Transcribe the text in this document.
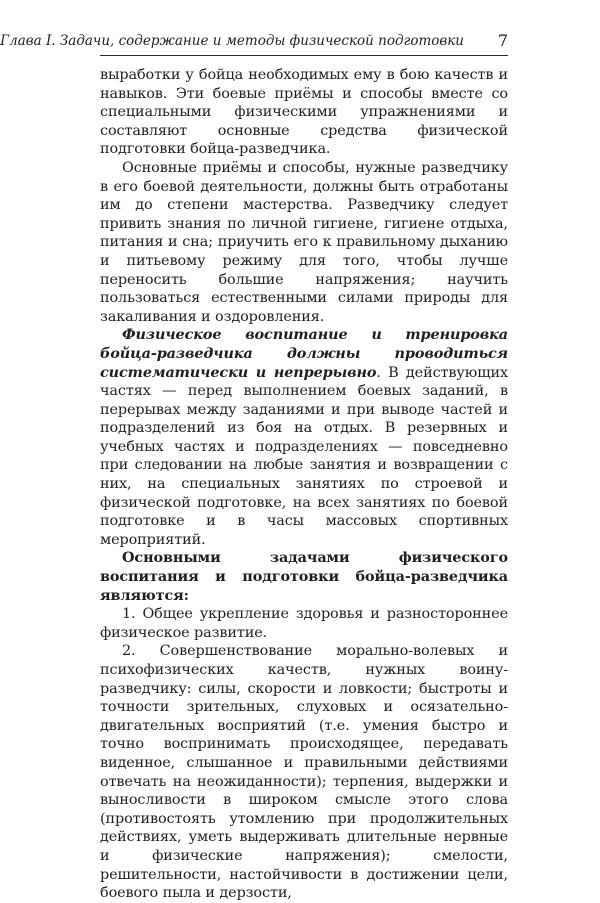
Глава I. Задачи, содержание и методы физической подготовки 7

выработки у бойца необходимых ему в бою качеств и навыков. Эти боевые приёмы и способы вместе со специальными физическими упражнениями и составляют основные средства физической подготовки бойца-разведчика.

Основные приёмы и способы, нужные разведчику в его боевой деятельности, должны быть отработаны им до степени мастерства. Разведчику следует привить знания по личной гигиене, гигиене отдыха, питания и сна; приучить его к правильному дыханию и питьевому режиму для того, чтобы лучше переносить большие напряжения; научить пользоваться естественными силами природы для закаливания и оздоровления.

Физическое воспитание и тренировка бойца-разведчика должны проводиться систематически и непрерывно. В действующих частях — перед выполнением боевых заданий, в перерывах между заданиями и при выводе частей и подразделений из боя на отдых. В резервных и учебных частях и подразделениях — повседневно при следовании на любые занятия и возвращении с них, на специальных занятиях по строевой и физической подготовке, на всех занятиях по боевой подготовке и в часы массовых спортивных мероприятий.

Основными задачами физического воспитания и подготовки бойца-разведчика являются:

1. Общее укрепление здоровья и разностороннее физическое развитие.

2. Совершенствование морально-волевых и психофизических качеств, нужных воину-разведчику: силы, скорости и ловкости; быстроты и точности зрительных, слуховых и осязательно-двигательных восприятий (т.е. умения быстро и точно воспринимать происходящее, передавать виденное, слышанное и правильными действиями отвечать на неожиданности); терпения, выдержки и выносливости в широком смысле этого слова (противостоять утомлению при продолжительных действиях, уметь выдерживать длительные нервные и физические напряжения); смелости, решительности, настойчивости в достижении цели, боевого пыла и дерзости,
